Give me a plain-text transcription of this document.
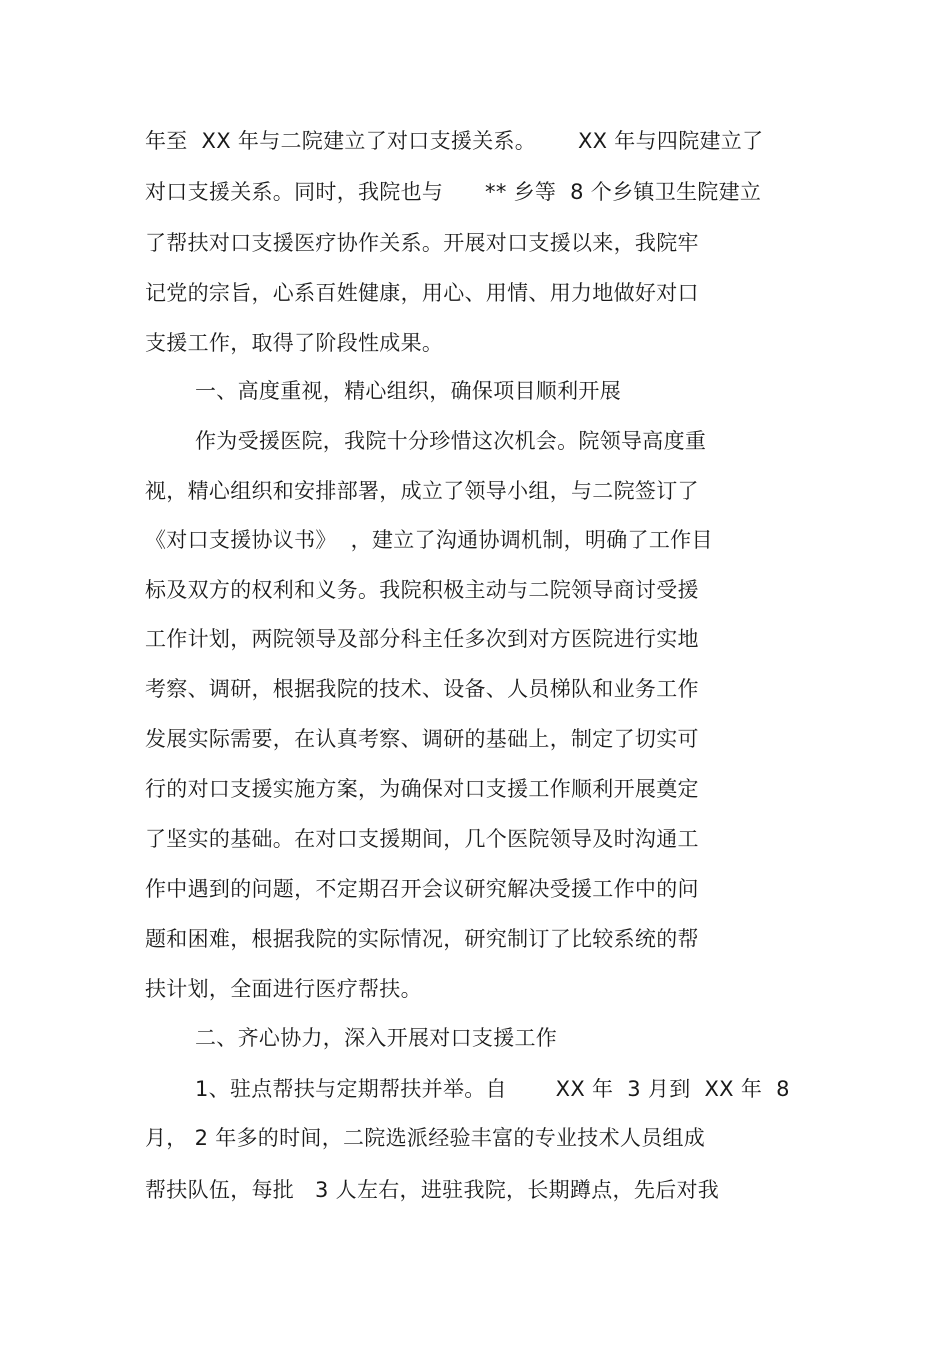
年至  XX 年与二院建立了对口支援关系。      XX 年与四院建立了
对口支援关系。同时，我院也与      ** 乡等  8 个乡镇卫生院建立
了帮扶对口支援医疗协作关系。开展对口支援以来，我院牢
记党的宗旨，心系百姓健康，用心、用情、用力地做好对口
支援工作，取得了阶段性成果。
一、高度重视，精心组织，确保项目顺利开展
作为受援医院，我院十分珍惜这次机会。院领导高度重
视，精心组织和安排部署，成立了领导小组，与二院签订了
《对口支援协议书》  ，建立了沟通协调机制，明确了工作目
标及双方的权利和义务。我院积极主动与二院领导商讨受援
工作计划，两院领导及部分科主任多次到对方医院进行实地
考察、调研，根据我院的技术、设备、人员梯队和业务工作
发展实际需要，在认真考察、调研的基础上，制定了切实可
行的对口支援实施方案，为确保对口支援工作顺利开展奠定
了坚实的基础。在对口支援期间，几个医院领导及时沟通工
作中遇到的问题，不定期召开会议研究解决受援工作中的问
题和困难，根据我院的实际情况，研究制订了比较系统的帮
扶计划，全面进行医疗帮扶。
二、齐心协力，深入开展对口支援工作
1、驻点帮扶与定期帮扶并举。自       XX 年  3 月到  XX 年  8
月， 2 年多的时间，二院选派经验丰富的专业技术人员组成
帮扶队伍，每批   3 人左右，进驻我院，长期蹲点，先后对我
